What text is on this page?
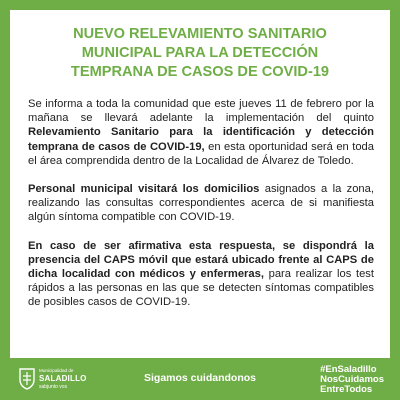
NUEVO RELEVAMIENTO SANITARIO
MUNICIPAL PARA LA DETECCIÓN
TEMPRANA DE CASOS DE COVID-19

Se informa a toda la comunidad que este jueves 11 de febrero por la mañana se llevará adelante la implementación del quinto Relevamiento Sanitario para la identificación y detección temprana de casos de COVID-19, en esta oportunidad será en toda el área comprendida dentro de la Localidad de Álvarez de Toledo.

Personal municipal visitará los domicilios asignados a la zona, realizando las consultas correspondientes acerca de si manifiesta algún síntoma compatible con COVID-19.

En caso de ser afirmativa esta respuesta, se dispondrá la presencia del CAPS móvil que estará ubicado frente al CAPS de dicha localidad con médicos y enfermeras, para realizar los test rápidos a las personas en las que se detecten síntomas compatibles de posibles casos de COVID-19.

Municipalidad de
SALADILLO
sabjunto vos
Sigamos cuidandonos
#EnSaladillo
NosCuidamos
EntreTodos
